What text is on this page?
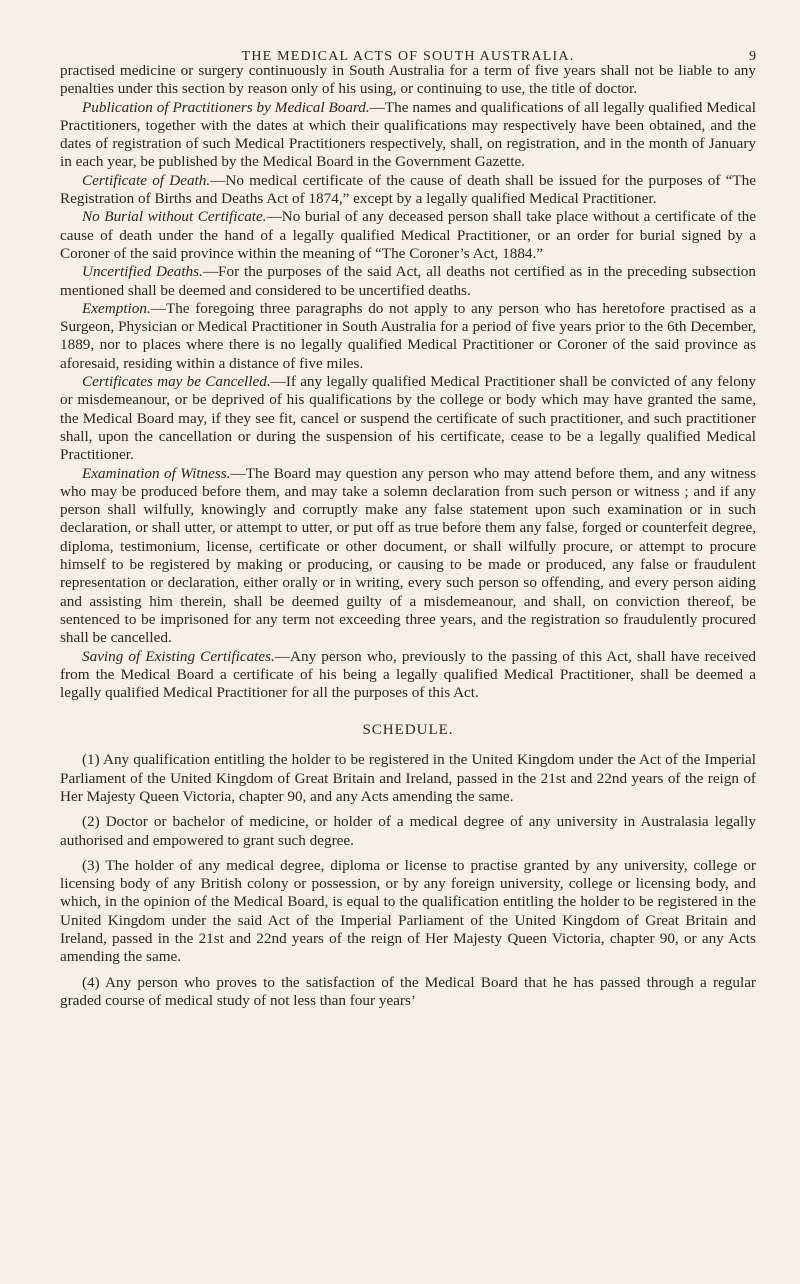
THE MEDICAL ACTS OF SOUTH AUSTRALIA.	9

practised medicine or surgery continuously in South Australia for a term of five years shall not be liable to any penalties under this section by reason only of his using, or continuing to use, the title of doctor.

Publication of Practitioners by Medical Board.—The names and qualifications of all legally qualified Medical Practitioners, together with the dates at which their qualifications may respectively have been obtained, and the dates of registration of such Medical Practitioners respectively, shall, on registration, and in the month of January in each year, be published by the Medical Board in the Government Gazette.

Certificate of Death.—No medical certificate of the cause of death shall be issued for the purposes of “The Registration of Births and Deaths Act of 1874,” except by a legally qualified Medical Practitioner.

No Burial without Certificate.—No burial of any deceased person shall take place without a certificate of the cause of death under the hand of a legally qualified Medical Practitioner, or an order for burial signed by a Coroner of the said province within the meaning of “The Coroner’s Act, 1884.”

Uncertified Deaths.—For the purposes of the said Act, all deaths not certified as in the preceding subsection mentioned shall be deemed and considered to be uncertified deaths.

Exemption.—The foregoing three paragraphs do not apply to any person who has heretofore practised as a Surgeon, Physician or Medical Practitioner in South Australia for a period of five years prior to the 6th December, 1889, nor to places where there is no legally qualified Medical Practitioner or Coroner of the said province as aforesaid, residing within a distance of five miles.

Certificates may be Cancelled.—If any legally qualified Medical Practitioner shall be convicted of any felony or misdemeanour, or be deprived of his qualifications by the college or body which may have granted the same, the Medical Board may, if they see fit, cancel or suspend the certificate of such practitioner, and such practitioner shall, upon the cancellation or during the suspension of his certificate, cease to be a legally qualified Medical Practitioner.

Examination of Witness.—The Board may question any person who may attend before them, and any witness who may be produced before them, and may take a solemn declaration from such person or witness ; and if any person shall wilfully, knowingly and corruptly make any false statement upon such examination or in such declaration, or shall utter, or attempt to utter, or put off as true before them any false, forged or counterfeit degree, diploma, testimonium, license, certificate or other document, or shall wilfully procure, or attempt to procure himself to be registered by making or producing, or causing to be made or produced, any false or fraudulent representation or declaration, either orally or in writing, every such person so offending, and every person aiding and assisting him therein, shall be deemed guilty of a misdemeanour, and shall, on conviction thereof, be sentenced to be imprisoned for any term not exceeding three years, and the registration so fraudulently procured shall be cancelled.

Saving of Existing Certificates.—Any person who, previously to the passing of this Act, shall have received from the Medical Board a certificate of his being a legally qualified Medical Practitioner, shall be deemed a legally qualified Medical Practitioner for all the purposes of this Act.

SCHEDULE.

(1) Any qualification entitling the holder to be registered in the United Kingdom under the Act of the Imperial Parliament of the United Kingdom of Great Britain and Ireland, passed in the 21st and 22nd years of the reign of Her Majesty Queen Victoria, chapter 90, and any Acts amending the same.

(2) Doctor or bachelor of medicine, or holder of a medical degree of any university in Australasia legally authorised and empowered to grant such degree.

(3) The holder of any medical degree, diploma or license to practise granted by any university, college or licensing body of any British colony or possession, or by any foreign university, college or licensing body, and which, in the opinion of the Medical Board, is equal to the qualification entitling the holder to be registered in the United Kingdom under the said Act of the Imperial Parliament of the United Kingdom of Great Britain and Ireland, passed in the 21st and 22nd years of the reign of Her Majesty Queen Victoria, chapter 90, or any Acts amending the same.

(4) Any person who proves to the satisfaction of the Medical Board that he has passed through a regular graded course of medical study of not less than four years’
